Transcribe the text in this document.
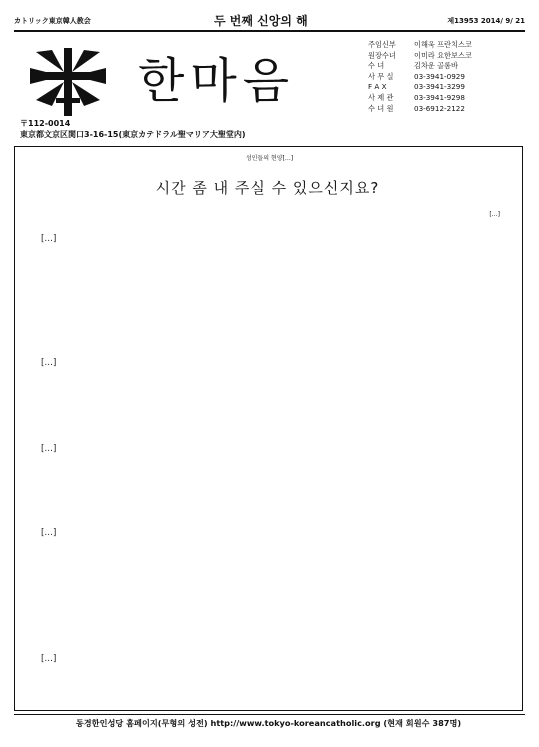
カトリック東京韓人教会	두 번째 신앙의 해	제13953 2014/ 9/ 21
한마음
주임신부	이해욱 프란치스코
원장수녀	이미라 요한보스코
수 녀	김차운 골롬바
사 무 실	03-3941-0929
F A X	03-3941-3299
사 제 관	03-3941-9298
수 녀 원	03-6912-2122
〒112-0014
東京都文京区関口3-16-15(東京カテドラル聖マリア大聖堂内)
성인들의 현양[…]
시간 좀 내 주실 수 있으신지요?
[…]

[…]

[…]

[…]

[…]

[…]

동경한인성당 홈페이지(무형의 성전) http://www.tokyo-koreancatholic.org (현재 회원수 387명)
